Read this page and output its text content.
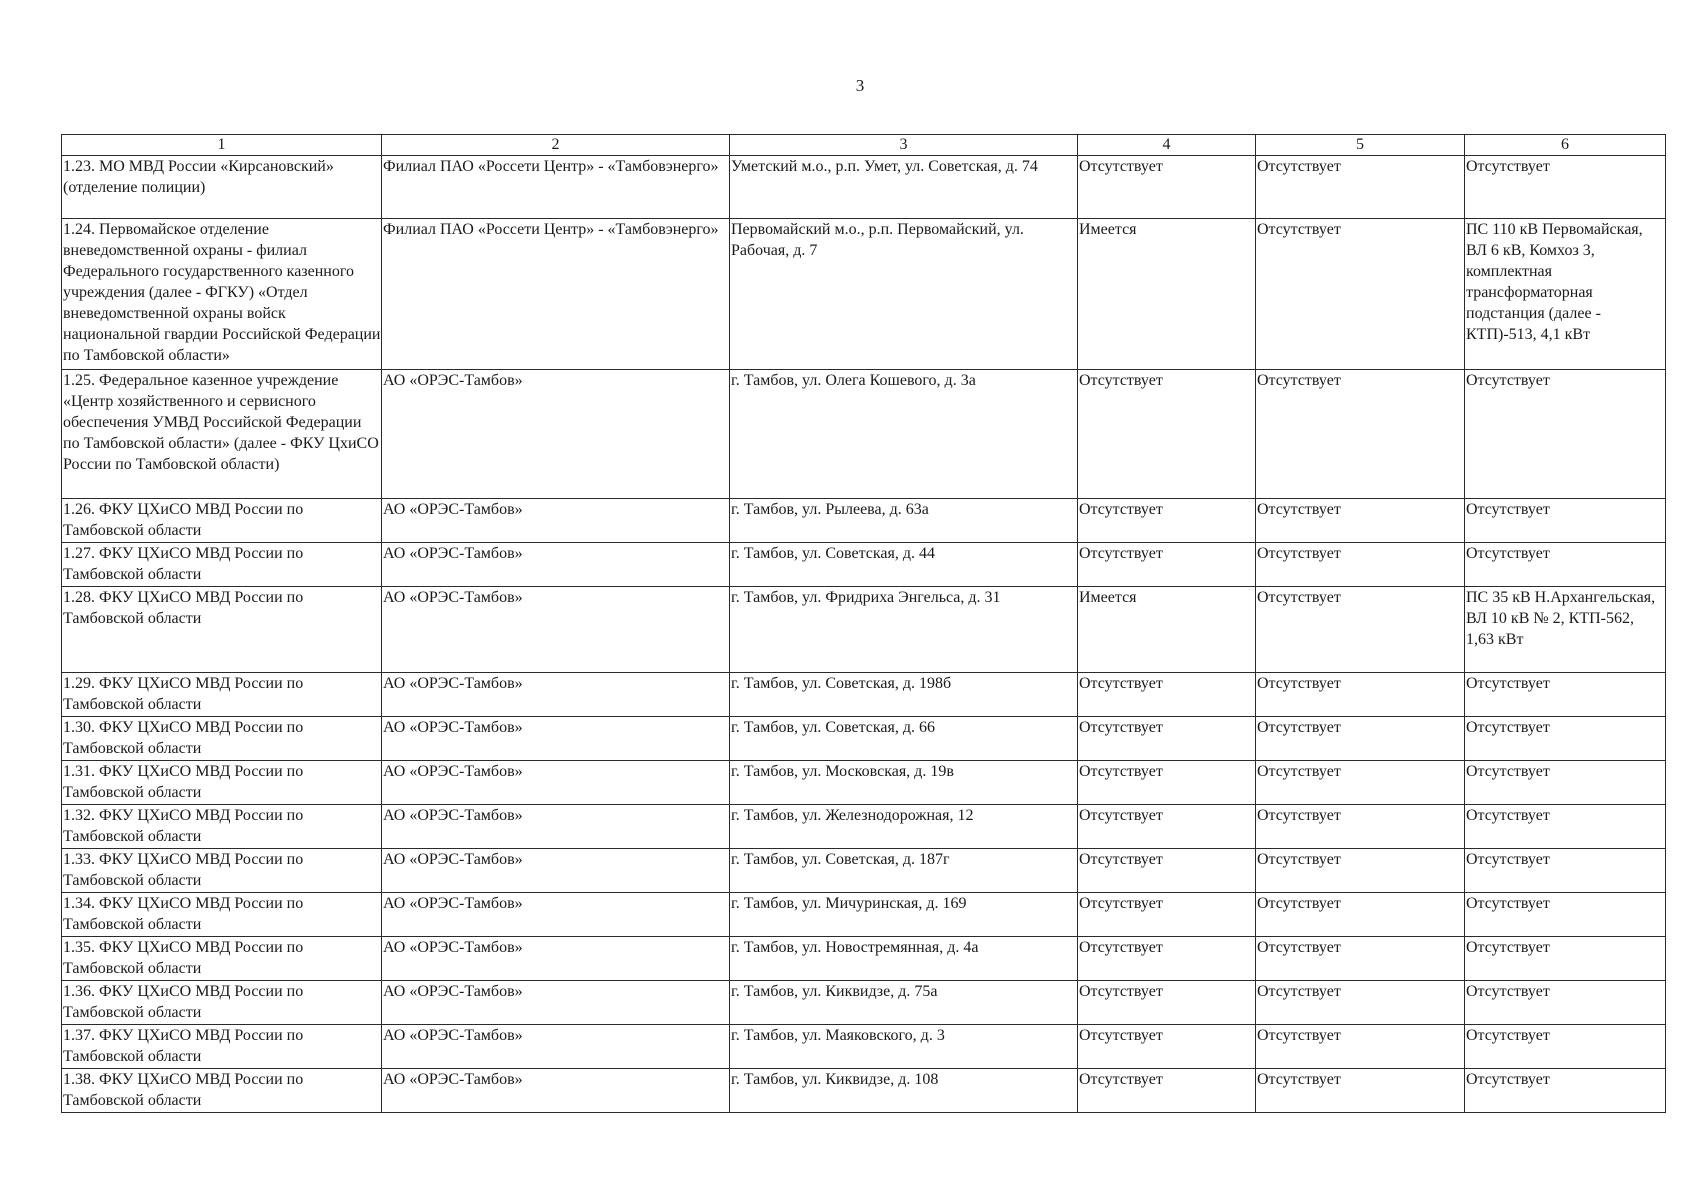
3
1	2	3	4	5	6
1.23. МО МВД России «Кирсановский» (отделение полиции)	Филиал ПАО «Россети Центр» - «Тамбовэнерго»	Уметский м.о., р.п. Умет, ул. Советская, д. 74	Отсутствует	Отсутствует	Отсутствует
1.24. Первомайское отделение вневедомственной охраны - филиал Федерального государственного казенного учреждения (далее - ФГКУ) «Отдел вневедомственной охраны войск национальной гвардии Российской Федерации по Тамбовской области»	Филиал ПАО «Россети Центр» - «Тамбовэнерго»	Первомайский м.о., р.п. Первомайский, ул. Рабочая, д. 7	Имеется	Отсутствует	ПС 110 кВ Первомайская, ВЛ 6 кВ, Комхоз 3, комплектная трансформаторная подстанция (далее - КТП)-513, 4,1 кВт
1.25. Федеральное казенное учреждение «Центр хозяйственного и сервисного обеспечения УМВД Российской Федерации по Тамбовской области» (далее - ФКУ ЦхиСО России по Тамбовской области)	АО «ОРЭС-Тамбов»	г. Тамбов, ул. Олега Кошевого, д. 3а	Отсутствует	Отсутствует	Отсутствует
1.26. ФКУ ЦХиСО МВД России по Тамбовской области	АО «ОРЭС-Тамбов»	г. Тамбов, ул. Рылеева, д. 63а	Отсутствует	Отсутствует	Отсутствует
1.27. ФКУ ЦХиСО МВД России по Тамбовской области	АО «ОРЭС-Тамбов»	г. Тамбов, ул. Советская, д. 44	Отсутствует	Отсутствует	Отсутствует
1.28. ФКУ ЦХиСО МВД России по Тамбовской области	АО «ОРЭС-Тамбов»	г. Тамбов, ул. Фридриха Энгельса, д. 31	Имеется	Отсутствует	ПС 35 кВ Н.Архангельская, ВЛ 10 кВ № 2, КТП-562, 1,63 кВт
1.29. ФКУ ЦХиСО МВД России по Тамбовской области	АО «ОРЭС-Тамбов»	г. Тамбов, ул. Советская, д. 198б	Отсутствует	Отсутствует	Отсутствует
1.30. ФКУ ЦХиСО МВД России по Тамбовской области	АО «ОРЭС-Тамбов»	г. Тамбов, ул. Советская, д. 66	Отсутствует	Отсутствует	Отсутствует
1.31. ФКУ ЦХиСО МВД России по Тамбовской области	АО «ОРЭС-Тамбов»	г. Тамбов, ул. Московская, д. 19в	Отсутствует	Отсутствует	Отсутствует
1.32. ФКУ ЦХиСО МВД России по Тамбовской области	АО «ОРЭС-Тамбов»	г. Тамбов, ул. Железнодорожная, 12	Отсутствует	Отсутствует	Отсутствует
1.33. ФКУ ЦХиСО МВД России по Тамбовской области	АО «ОРЭС-Тамбов»	г. Тамбов, ул. Советская, д. 187г	Отсутствует	Отсутствует	Отсутствует
1.34. ФКУ ЦХиСО МВД России по Тамбовской области	АО «ОРЭС-Тамбов»	г. Тамбов, ул. Мичуринская, д. 169	Отсутствует	Отсутствует	Отсутствует
1.35. ФКУ ЦХиСО МВД России по Тамбовской области	АО «ОРЭС-Тамбов»	г. Тамбов, ул. Новостремянная, д. 4а	Отсутствует	Отсутствует	Отсутствует
1.36. ФКУ ЦХиСО МВД России по Тамбовской области	АО «ОРЭС-Тамбов»	г. Тамбов, ул. Киквидзе, д. 75а	Отсутствует	Отсутствует	Отсутствует
1.37. ФКУ ЦХиСО МВД России по Тамбовской области	АО «ОРЭС-Тамбов»	г. Тамбов, ул. Маяковского, д. 3	Отсутствует	Отсутствует	Отсутствует
1.38. ФКУ ЦХиСО МВД России по Тамбовской области	АО «ОРЭС-Тамбов»	г. Тамбов, ул. Киквидзе, д. 108	Отсутствует	Отсутствует	Отсутствует
